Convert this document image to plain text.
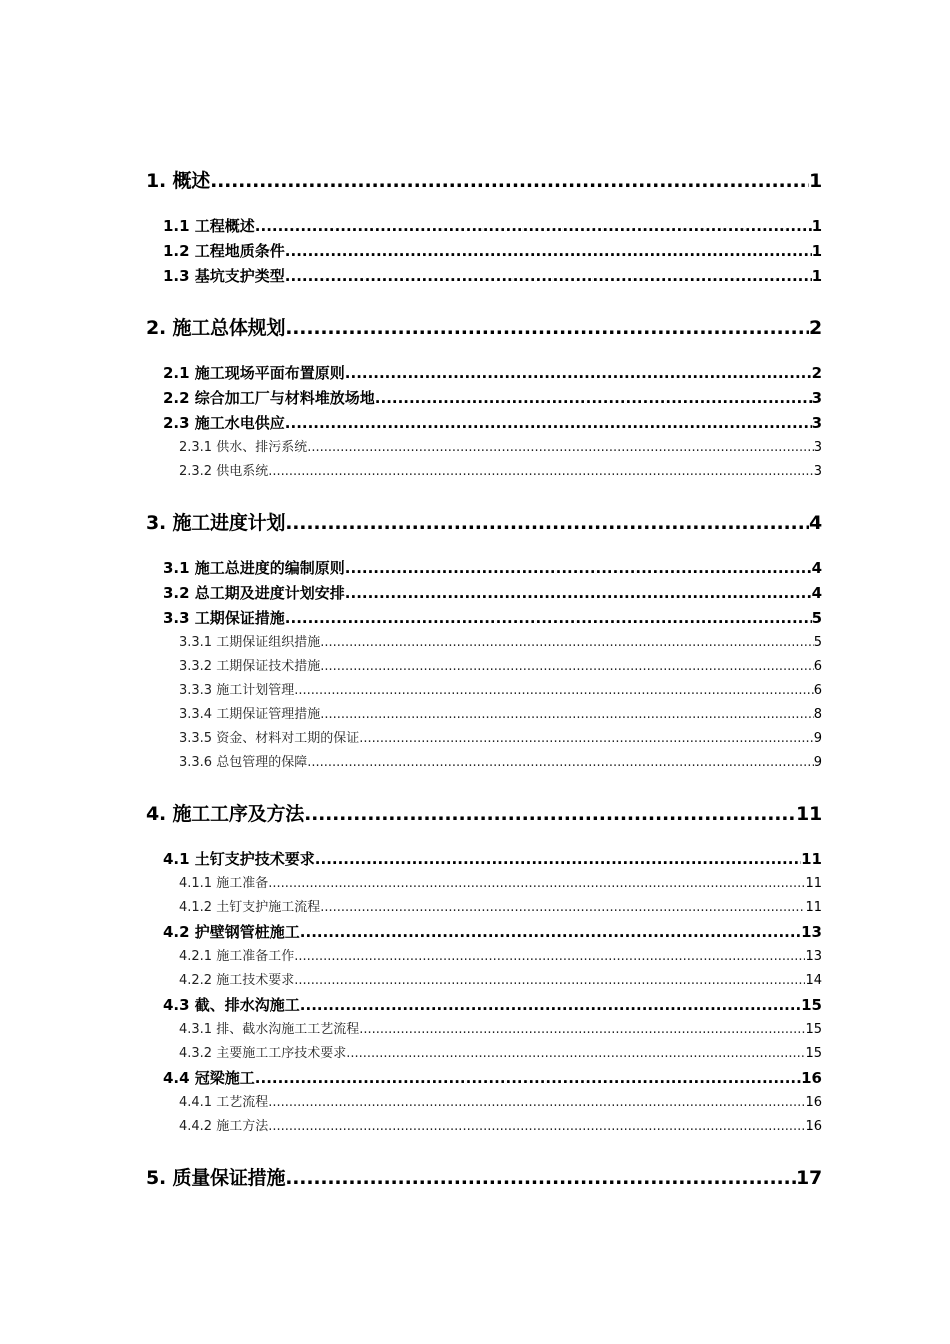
1. 概述 .....	1
1.1 工程概述 .....	1
1.2 工程地质条件 .....	1
1.3 基坑支护类型 .....	1
2. 施工总体规划 .....	2
2.1 施工现场平面布置原则 .....	2
2.2 综合加工厂与材料堆放场地 .....	3
2.3 施工水电供应 .....	3
2.3.1 供水、排污系统 .....	3
2.3.2 供电系统 .....	3
3. 施工进度计划 .....	4
3.1 施工总进度的编制原则 .....	4
3.2 总工期及进度计划安排 .....	4
3.3 工期保证措施 .....	5
3.3.1 工期保证组织措施 .....	5
3.3.2 工期保证技术措施 .....	6
3.3.3 施工计划管理 .....	6
3.3.4 工期保证管理措施 .....	8
3.3.5 资金、材料对工期的保证 .....	9
3.3.6 总包管理的保障 .....	9
4. 施工工序及方法 .....	11
4.1 土钉支护技术要求 .....	11
4.1.1 施工准备 .....	11
4.1.2 土钉支护施工流程 .....	11
4.2 护壁钢管桩施工 .....	13
4.2.1 施工准备工作 .....	13
4.2.2 施工技术要求 .....	14
4.3 截、排水沟施工 .....	15
4.3.1 排、截水沟施工工艺流程 .....	15
4.3.2 主要施工工序技术要求 .....	15
4.4 冠梁施工 .....	16
4.4.1 工艺流程 .....	16
4.4.2 施工方法 .....	16
5. 质量保证措施 .....	17
